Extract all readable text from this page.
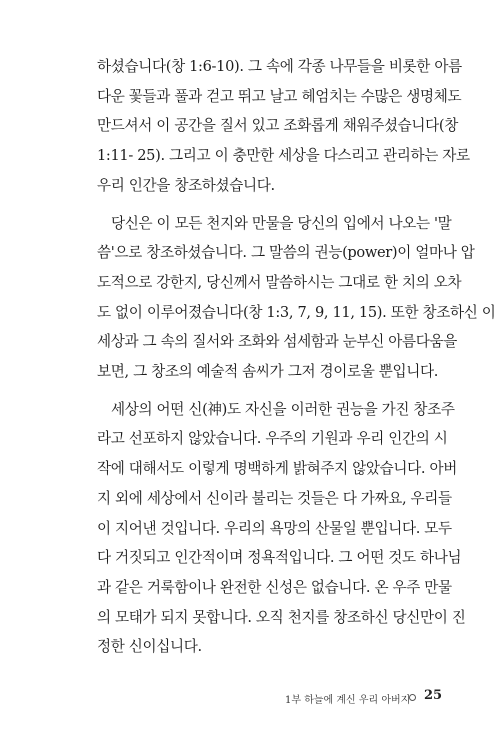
하셨습니다(창 1:6-10). 그 속에 각종 나무들을 비롯한 아름
다운 꽃들과 풀과 걷고 뛰고 날고 헤엄치는 수많은 생명체도
만드셔서 이 공간을 질서 있고 조화롭게 채워주셨습니다(창
1:11- 25). 그리고 이 충만한 세상을 다스리고 관리하는 자로
우리 인간을 창조하셨습니다.

당신은 이 모든 천지와 만물을 당신의 입에서 나오는 '말
씀'으로 창조하셨습니다. 그 말씀의 권능(power)이 얼마나 압
도적으로 강한지, 당신께서 말씀하시는 그대로 한 치의 오차
도 없이 이루어졌습니다(창 1:3, 7, 9, 11, 15). 또한 창조하신 이
세상과 그 속의 질서와 조화와 섬세함과 눈부신 아름다움을
보면, 그 창조의 예술적 솜씨가 그저 경이로울 뿐입니다.

세상의 어떤 신(神)도 자신을 이러한 권능을 가진 창조주
라고 선포하지 않았습니다. 우주의 기원과 우리 인간의 시
작에 대해서도 이렇게 명백하게 밝혀주지 않았습니다. 아버
지 외에 세상에서 신이라 불리는 것들은 다 가짜요, 우리들
이 지어낸 것입니다. 우리의 욕망의 산물일 뿐입니다. 모두
다 거짓되고 인간적이며 정욕적입니다. 그 어떤 것도 하나님
과 같은 거룩함이나 완전한 신성은 없습니다. 온 우주 만물
의 모태가 되지 못합니다. 오직 천지를 창조하신 당신만이 진
정한 신이십니다.

1부 하늘에 계신 우리 아버지 25
